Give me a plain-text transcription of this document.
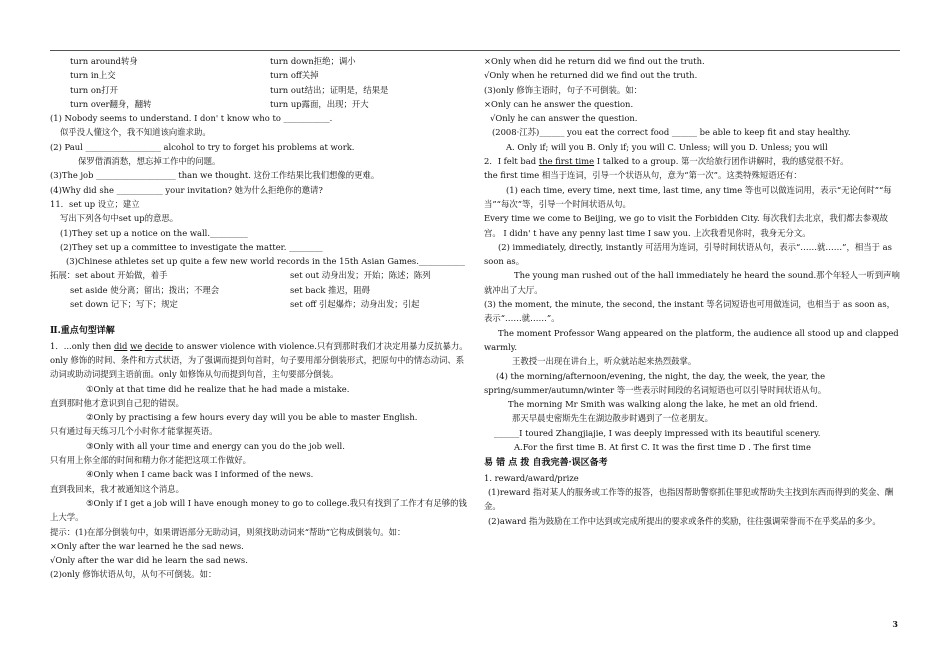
turn around转身	turn down拒绝；调小
turn in上交	turn off关掉
turn on打开	turn out结出；证明是，结果是
turn over翻身，翻转	turn up露面，出现；开大
(1) Nobody seems to understand. I don' t know who to ___________.
似乎没人懂这个，我不知道该向谁求助。
(2) Paul __________________ alcohol to try to forget his problems at work.
保罗借酒消愁，想忘掉工作中的问题。
(3)The job ___________________ than we thought. 这份工作结果比我们想像的更难。
(4)Why did she ___________ your invitation? 她为什么拒绝你的邀请?
11．set up 设立；建立
写出下列各句中set up的意思。
(1)They set up a notice on the wall._________
(2)They set up a committee to investigate the matter. ________
(3)Chinese athletes set up quite a few new world records in the 15th Asian Games.___________
拓展：set about 开始做，着手	set out 动身出发；开始；陈述；陈列
set aside 使分离；留出；拨出；不理会	set back 推迟，阻碍
set down 记下；写下；规定	set off 引起爆炸；动身出发；引起
Ⅱ.重点句型详解
1．...only then did we decide to answer violence with violence.只有到那时我们才决定用暴力反抗暴力。
only 修饰的时间、条件和方式状语，为了强调而提到句首时，句子要用部分倒装形式，把原句中的情态动词、系动词或助动词提到主语前面。only 如修饰从句而提到句首，主句要部分倒装。
①Only at that time did he realize that he had made a mistake.
直到那时他才意识到自己犯的错误。
②Only by practising a few hours every day will you be able to master English.
只有通过每天练习几个小时你才能掌握英语。
③Only with all your time and energy can you do the job well.
只有用上你全部的时间和精力你才能把这项工作做好。
④Only when I came back was I informed of the news.
直到我回来，我才被通知这个消息。
⑤Only if I get a job will I have enough money to go to college.我只有找到了工作才有足够的钱上大学。
提示：(1)在部分倒装句中，如果谓语部分无助动词，则须找助动词来“帮助”它构成倒装句。如：
×Only after the war learned he the sad news.
√Only after the war did he learn the sad news.
(2)only 修饰状语从句，从句不可倒装。如：
×Only when did he return did we find out the truth.
√Only when he returned did we find out the truth.
(3)only 修饰主语时，句子不可倒装。如：
×Only can he answer the question.
√Only he can answer the question.
(2008·江苏)______ you eat the correct food ______ be able to keep fit and stay healthy.
A. Only if; will you B. Only if; you will C. Unless; will you D. Unless; you will
2．I felt bad the first time I talked to a group. 第一次给旅行团作讲解时，我的感觉很不好。
the first time 相当于连词，引导一个状语从句，意为“第一次”。这类特殊短语还有：
(1) each time, every time, next time, last time, any time 等也可以做连词用，表示“无论何时”“每当”“每次”等，引导一个时间状语从句。
Every time we come to Beijing, we go to visit the Forbidden City. 每次我们去北京，我们都去参观故宫。 I didn' t have any penny last time I saw you. 上次我看见你时，我身无分文。
(2) immediately, directly, instantly 可活用为连词，引导时间状语从句，表示“……就……”，相当于 as soon as。
The young man rushed out of the hall immediately he heard the sound.那个年轻人一听到声响就冲出了大厅。
(3) the moment, the minute, the second, the instant 等名词短语也可用做连词，也相当于 as soon as，表示“……就……”。
The moment Professor Wang appeared on the platform, the audience all stood up and clapped warmly.
王教授一出现在讲台上，听众就站起来热烈鼓掌。
(4) the morning/afternoon/evening, the night, the day, the week, the year, the spring/summer/autumn/winter 等一些表示时间段的名词短语也可以引导时间状语从句。
The morning Mr Smith was walking along the lake, he met an old friend.
那天早晨史密斯先生在湖边散步时遇到了一位老朋友。
______I toured Zhangjiajie, I was deeply impressed with its beautiful scenery.
A.For the first time B. At first C. It was the first time D . The first time
易 错 点 拨 自我完善·误区备考
1. reward/award/prize
(1)reward 指对某人的服务或工作等的报答，也指因帮助警察抓住罪犯或帮助失主找到东西而得到的奖金、酬金。
(2)award 指为鼓励在工作中达到或完成所提出的要求或条件的奖励，往往强调荣誉而不在乎奖品的多少。
3
